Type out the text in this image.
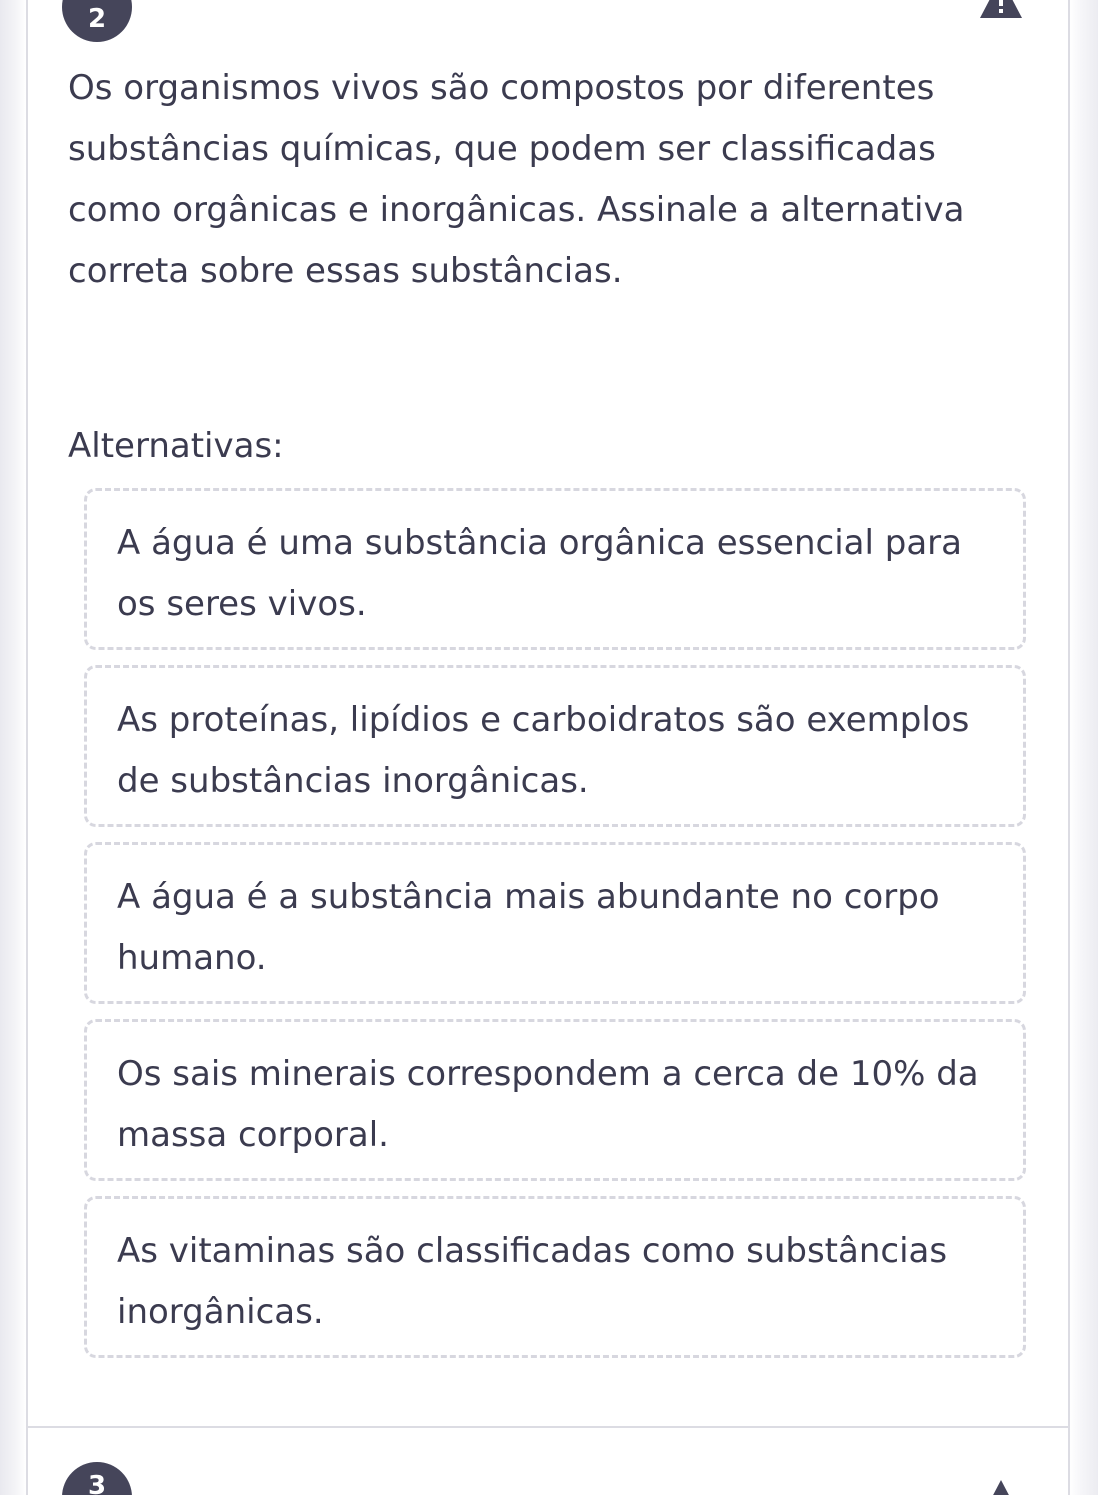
2

Os organismos vivos são compostos por diferentes substâncias químicas, que podem ser classificadas como orgânicas e inorgânicas. Assinale a alternativa correta sobre essas substâncias.

Alternativas:

A água é uma substância orgânica essencial para os seres vivos.
As proteínas, lipídios e carboidratos são exemplos de substâncias inorgânicas.
A água é a substância mais abundante no corpo humano.
Os sais minerais correspondem a cerca de 10% da massa corporal.
As vitaminas são classificadas como substâncias inorgânicas.
3
